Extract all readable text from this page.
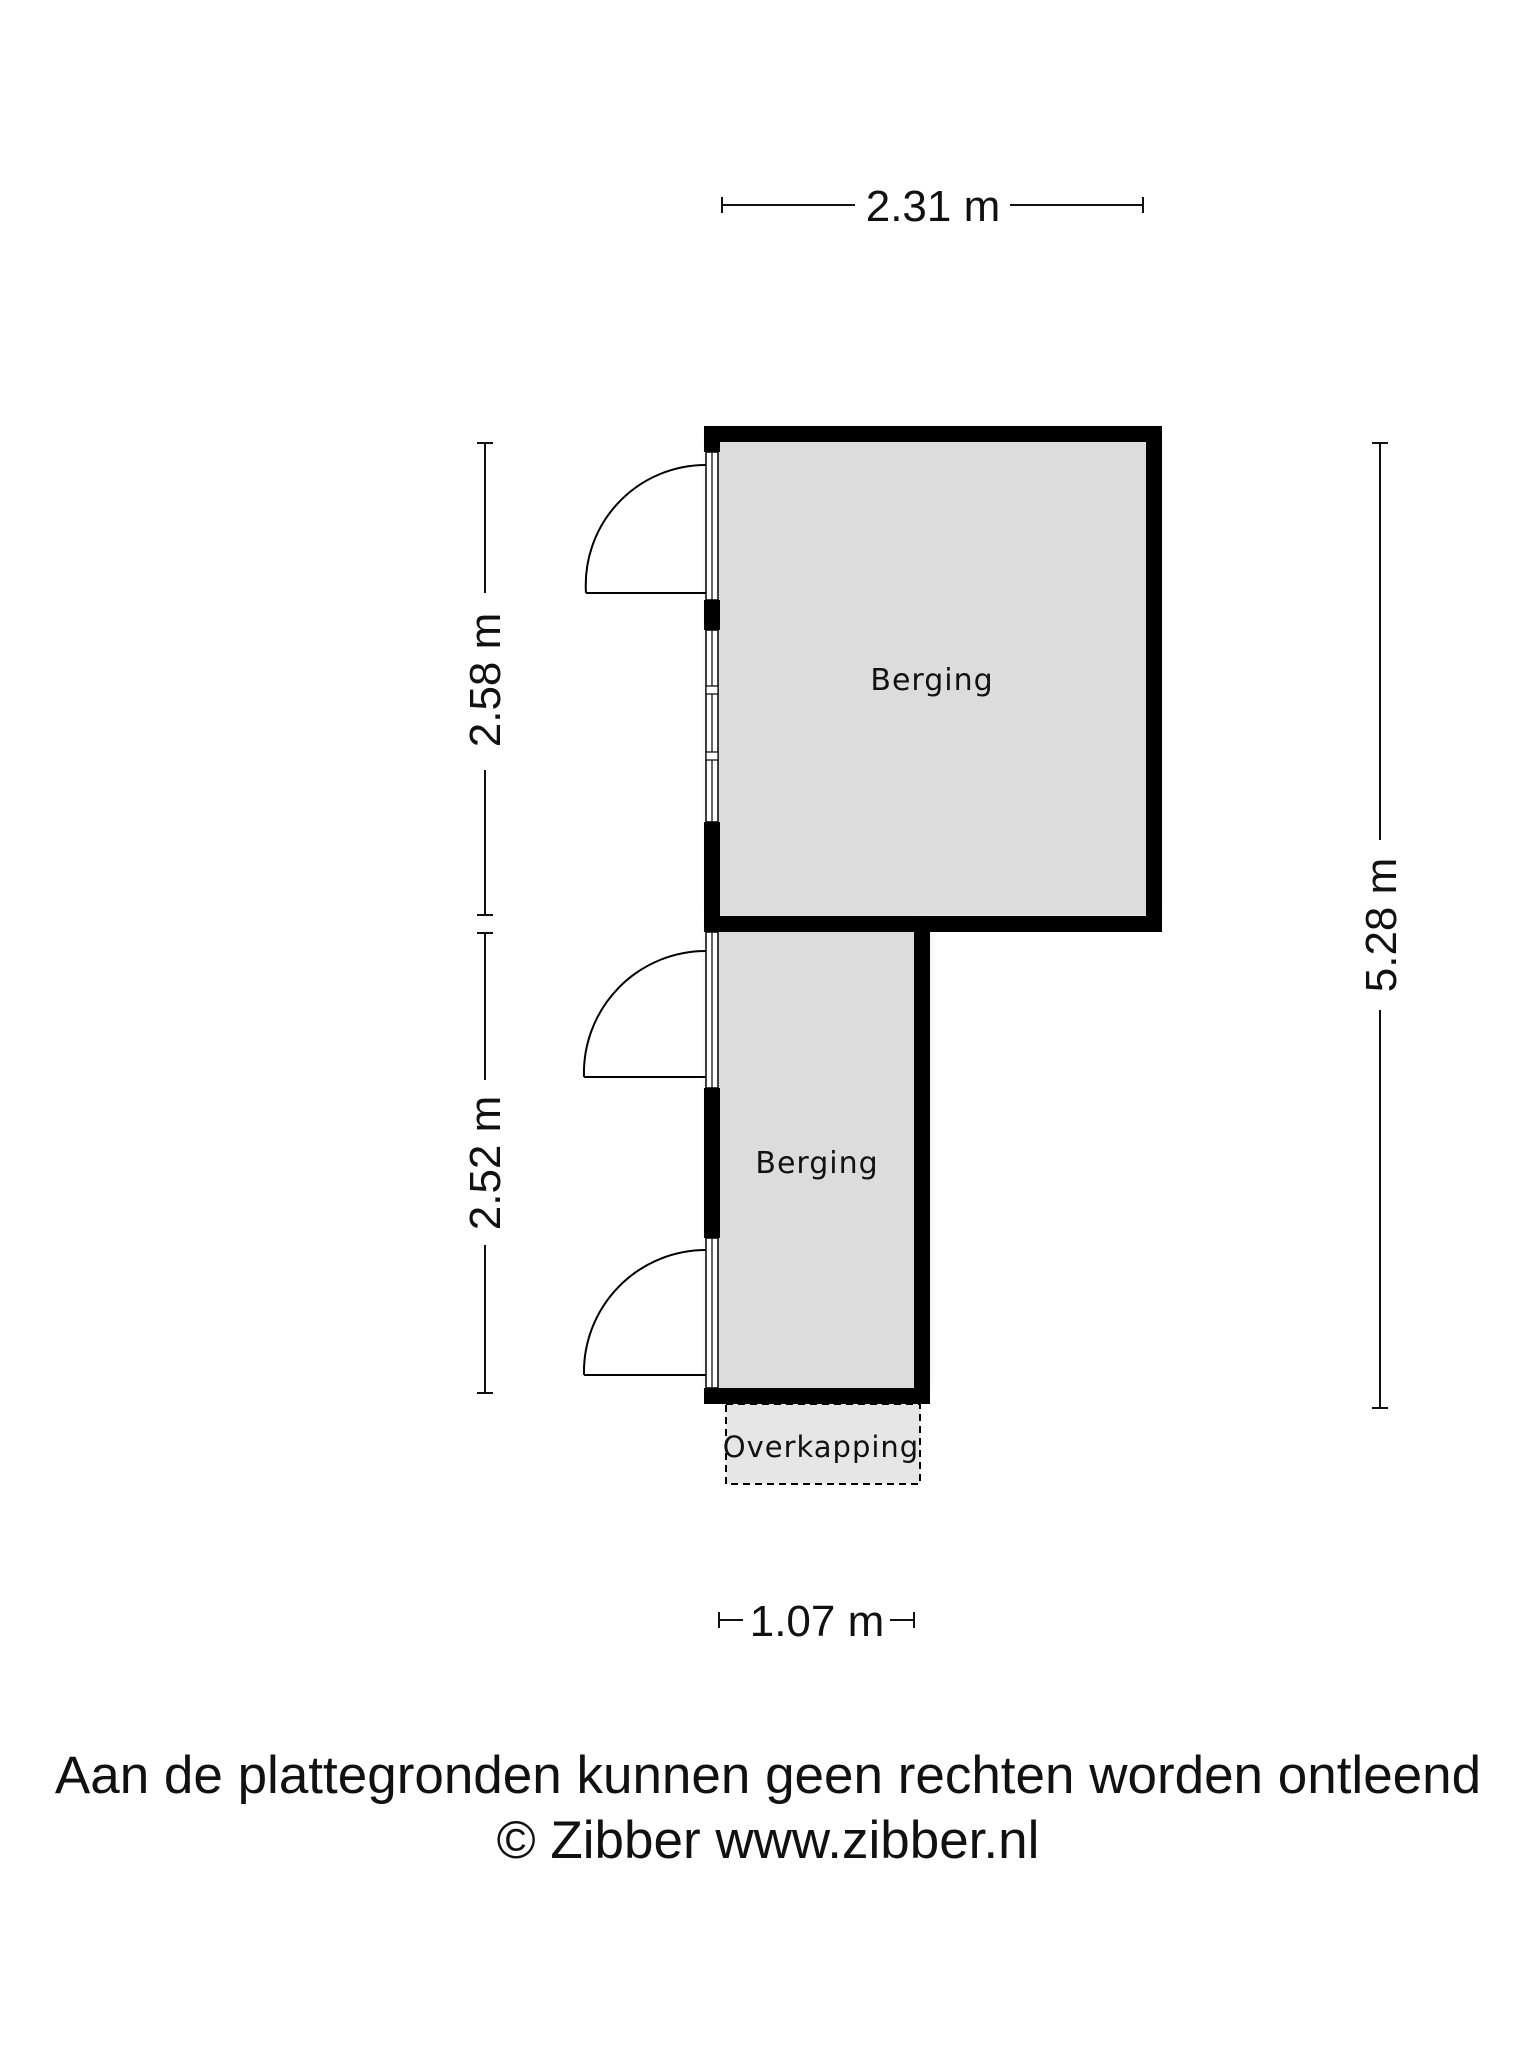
2.31 m
2.58 m
2.52 m
5.28 m
1.07 m
Berging
Berging
Overkapping
Aan de plattegronden kunnen geen rechten worden ontleend
© Zibber www.zibber.nl
